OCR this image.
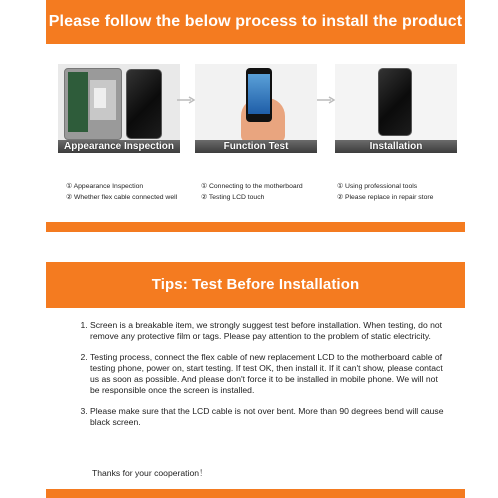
Please follow the below process to install the product
Appearance Inspection	Function Test	Installation
① Appearance Inspection
② Whether flex cable connected well
① Connecting to the motherboard
② Testing LCD touch
① Using professional tools
② Please replace in repair store
Tips: Test Before Installation
1. Screen is a breakable item, we strongly suggest test before installation. When testing, do not remove any protective film or tags. Please pay attention to the problem of static electricity.
2. Testing process, connect the flex cable of new replacement LCD to the motherboard cable of testing phone, power on, start testing. If test OK, then install it. If it can't show, please contact us as soon as possible. And please don't force it to be installed in mobile phone. We will not be responsible once the screen is installed.
3. Please make sure that the LCD cable is not over bent. More than 90 degrees bend will cause black screen.
Thanks for your cooperation！
